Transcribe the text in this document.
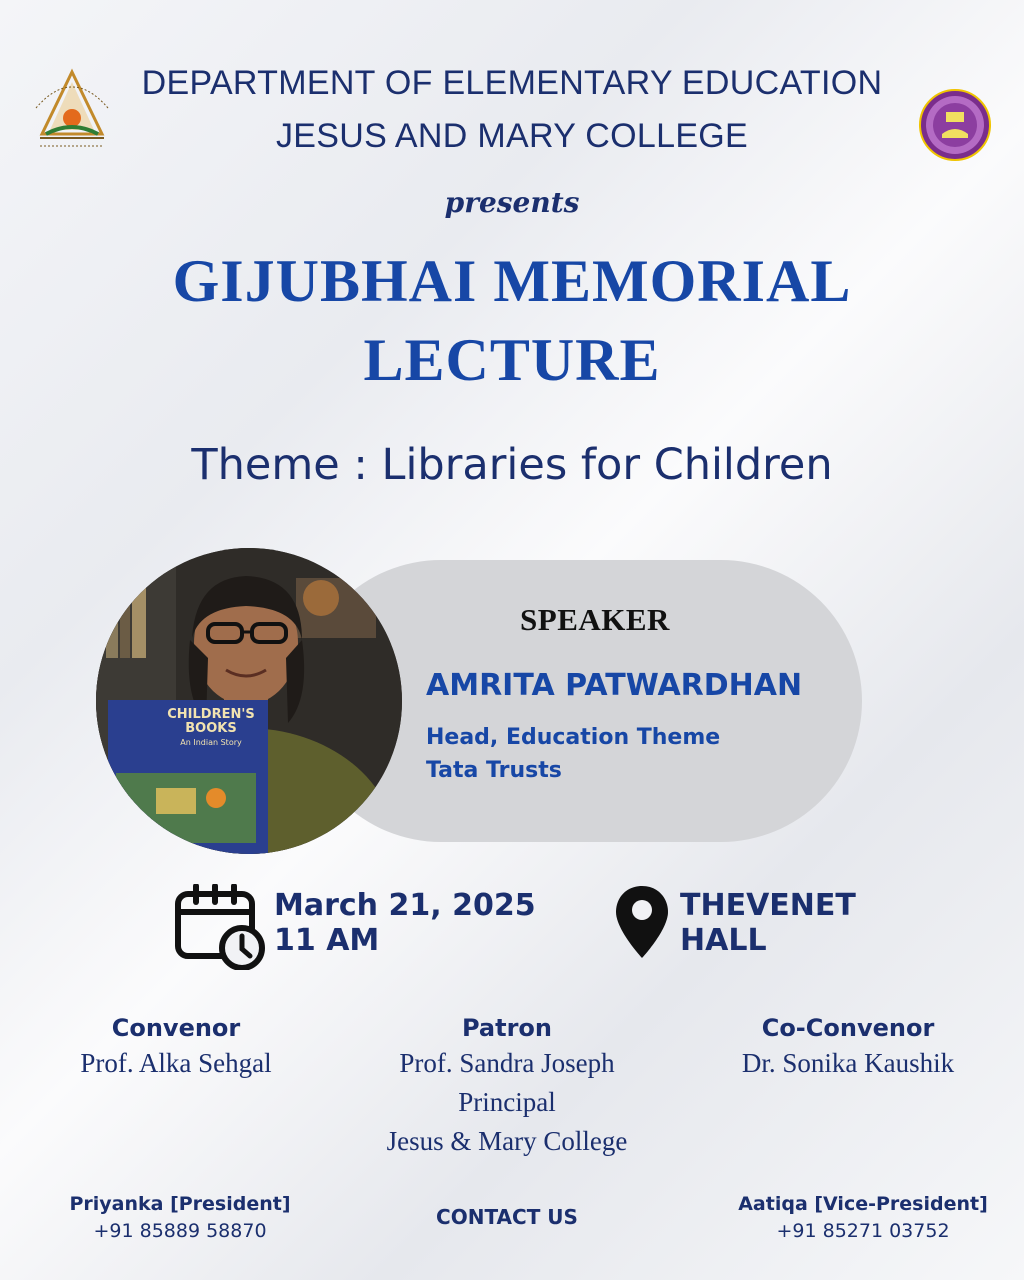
DEPARTMENT OF ELEMENTARY EDUCATION
JESUS AND MARY COLLEGE
presents
GIJUBHAI MEMORIAL
LECTURE
Theme : Libraries for Children
CHILDREN'S BOOKS
An Indian Story
SPEAKER
AMRITA PATWARDHAN
Head, Education Theme
Tata Trusts
March 21, 2025
11 AM
THEVENET
HALL
Convenor
Prof. Alka Sehgal
Patron
Prof. Sandra Joseph
Principal
Jesus & Mary College
Co-Convenor
Dr. Sonika Kaushik
Priyanka [President]
+91 85889 58870
CONTACT US
Aatiqa [Vice-President]
+91 85271 03752
